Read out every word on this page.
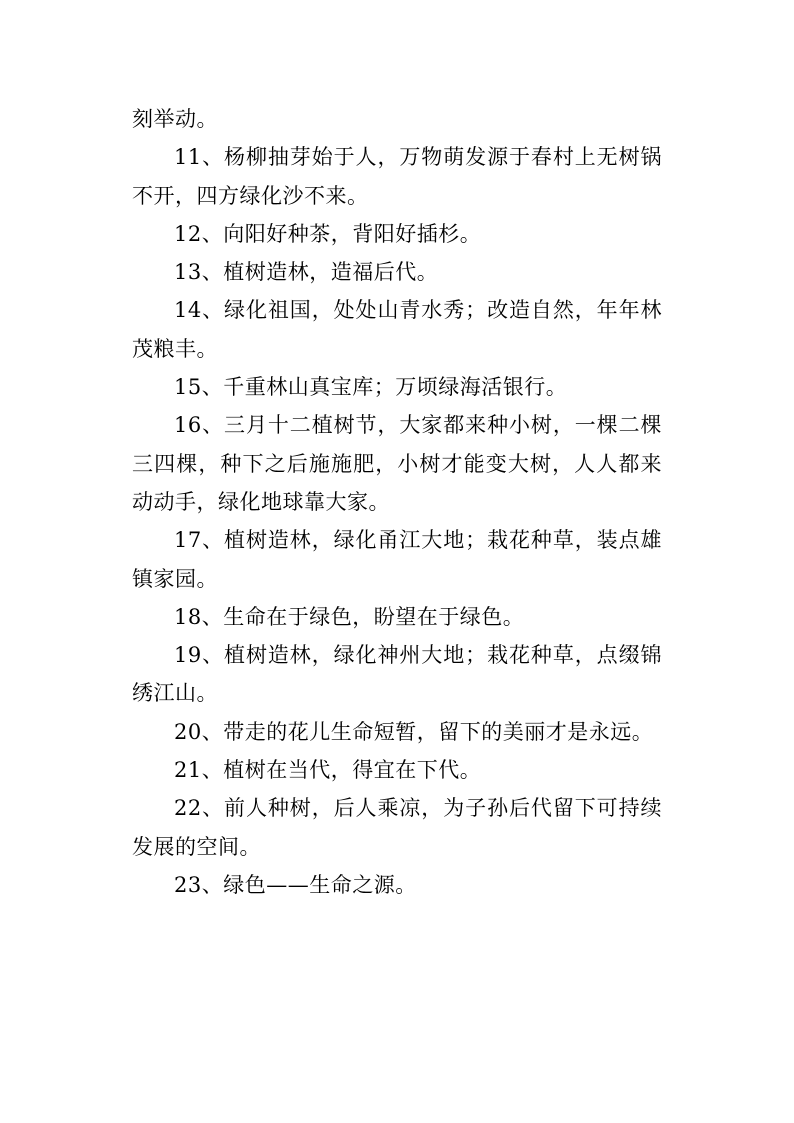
刻举动。

11、杨柳抽芽始于人，万物萌发源于春村上无树锅不开，四方绿化沙不来。

12、向阳好种茶，背阳好插杉。

13、植树造林，造福后代。

14、绿化祖国，处处山青水秀；改造自然，年年林茂粮丰。

15、千重林山真宝库；万顷绿海活银行。

16、三月十二植树节，大家都来种小树，一棵二棵三四棵，种下之后施施肥，小树才能变大树，人人都来动动手，绿化地球靠大家。

17、植树造林，绿化甬江大地；栽花种草，装点雄镇家园。

18、生命在于绿色，盼望在于绿色。

19、植树造林，绿化神州大地；栽花种草，点缀锦绣江山。

20、带走的花儿生命短暂，留下的美丽才是永远。

21、植树在当代，得宜在下代。

22、前人种树，后人乘凉，为子孙后代留下可持续发展的空间。

23、绿色——生命之源。
